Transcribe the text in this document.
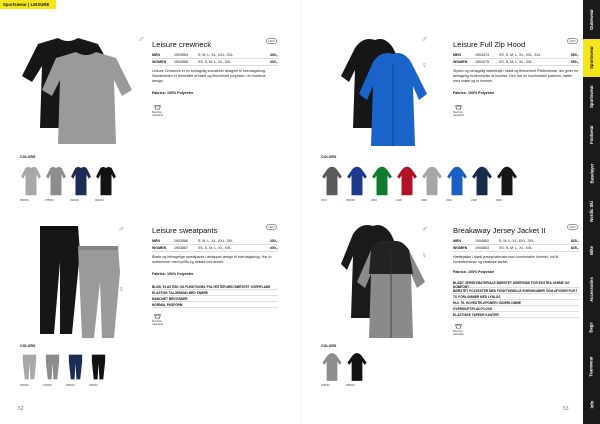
Sportswear | LEISURE
♂
Leisure crewneck	NEW
MEN	1903564	S, M, L, XL, XXL, 3XL	400,-
WOMEN	1903565	XS, S, M, L, XL, XXL	400,-
Leisure Crewneck er en behagelig sweatshirt designet til hverdagsbrug. Sweatshirten er fremstillet af blødt og fleeceforet polyester i et moderne design.
Fabrics: 100% Polyester
Machine washable
COLORS
950000	975000	392000	999000
♂
♀
Leisure sweatpants	NEW
MEN	1903566	S, M, L, XL, XXL, 3XL	400,-
WOMEN	1903567	XS, S, M, L, XL, XXL	400,-
Bløde og behagelige sweatpants i afslappet design til hverdagsbrug. Har to sidelommer med lynlås og ribkant ved ankler.
Fabrics: 100% Polyester
BLØD, ELASTISK OG FUNKTIONEL POLYESTER MED BØRSTET OVERFLADE
ELASTISK TALJEBÅND MED SNØRE
MANCHET BEN ENDER
NORMAL PASFORM
Machine washable
COLORS
950000	975000	392000	999000
52
♂
♀
Leisure Full Zip Hood	NEW
MEN	1903474	XS, S, M, L, XL, XXL, 3XL	550,-
WOMEN	1903475	XS, S, M, L, XL, XXL	550,-
Stylish og behagelig hættetrøje i blødt og fleeceforet Pfeilerstreak, der giver en behagelig fornemmelse af komfort. Den har en komfortabel pasform, hætte med snøre og to lommer.
Fabrics: 100% Polyester
Machine washable
COLORS
2970	382000	2640	2400	2990	2030	2390	9990
♂
♀
Breakaway Jersey Jacket II	NEW
MEN	1904802	S, M, L, XL, XXL, 3XL	825,-
WOMEN	1904803	XS, S, M, L, XL, XXL	825,-
Hættejakke i blødt jerseymateriale med komfortable lommer, hul til hovedtelefoner og elastiske kanter.
Fabrics: 100% Polyester
BLØDT JERSEYMATERIALE BØRSTET INDERSIDE FOR EKSTRA VARME OG KOMFORT
BØRSTET POLYESTER MED FUNKTIONELLE EGENSKABER SOM AFVISER FUGT
TO FORLOMMER MED LYNLÅS
HUL TIL HOVEDTELEFONER I INDERLOMME
OVERSKIFT/FLAD FLOCK
ELASTISKE TAPEDE KANTER
Machine washable
COLORS
975000	999000
53
Outerwear
Sportswear
Sportswear
Footwear
Baselayer
Nordic Ski
Bike
Accessories
Bags
Teamwear
Info
